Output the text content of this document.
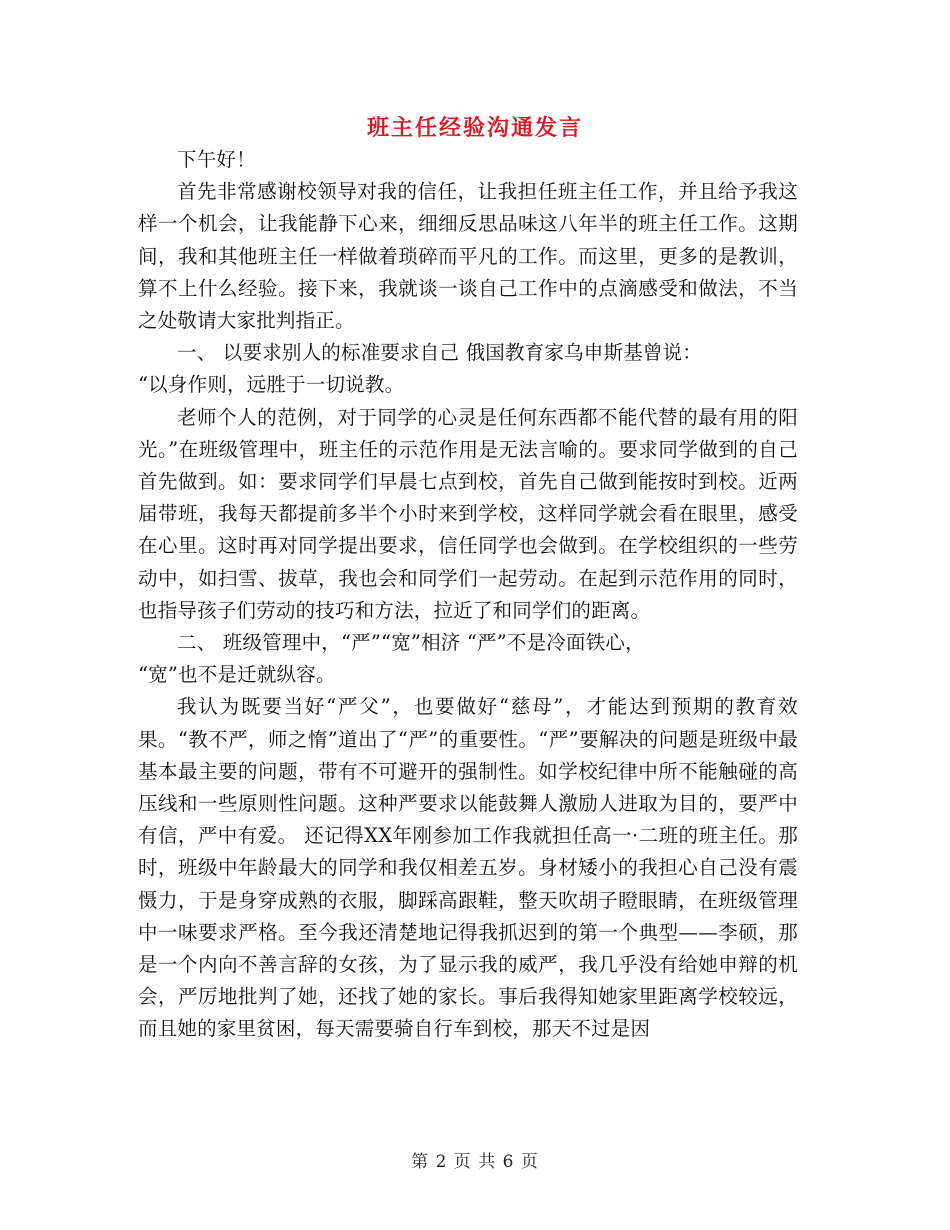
班主任经验沟通发言

下午好！

首先非常感谢校领导对我的信任，让我担任班主任工作，并且给予我这样一个机会，让我能静下心来，细细反思品味这八年半的班主任工作。这期间，我和其他班主任一样做着琐碎而平凡的工作。而这里，更多的是教训，算不上什么经验。接下来，我就谈一谈自己工作中的点滴感受和做法，不当之处敬请大家批判指正。

一、 以要求别人的标准要求自己 俄国教育家乌申斯基曾说：

“以身作则，远胜于一切说教。

老师个人的范例，对于同学的心灵是任何东西都不能代替的最有用的阳光。”在班级管理中，班主任的示范作用是无法言喻的。要求同学做到的自己首先做到。如：要求同学们早晨七点到校，首先自己做到能按时到校。近两届带班，我每天都提前多半个小时来到学校，这样同学就会看在眼里，感受在心里。这时再对同学提出要求，信任同学也会做到。在学校组织的一些劳动中，如扫雪、拔草，我也会和同学们一起劳动。在起到示范作用的同时，也指导孩子们劳动的技巧和方法，拉近了和同学们的距离。

二、 班级管理中，“严”“宽”相济 “严”不是冷面铁心，

“宽”也不是迁就纵容。

我认为既要当好“严父”，也要做好“慈母”，才能达到预期的教育效果。“教不严，师之惰”道出了“严”的重要性。“严”要解决的问题是班级中最基本最主要的问题，带有不可避开的强制性。如学校纪律中所不能触碰的高压线和一些原则性问题。这种严要求以能鼓舞人激励人进取为目的，要严中有信，严中有爱。 还记得XX年刚参加工作我就担任高一·二班的班主任。那时，班级中年龄最大的同学和我仅相差五岁。身材矮小的我担心自己没有震慑力，于是身穿成熟的衣服，脚踩高跟鞋，整天吹胡子瞪眼睛，在班级管理中一味要求严格。至今我还清楚地记得我抓迟到的第一个典型——李硕，那是一个内向不善言辞的女孩，为了显示我的威严，我几乎没有给她申辩的机会，严厉地批判了她，还找了她的家长。事后我得知她家里距离学校较远，而且她的家里贫困，每天需要骑自行车到校，那天不过是因

第 2 页 共 6 页
